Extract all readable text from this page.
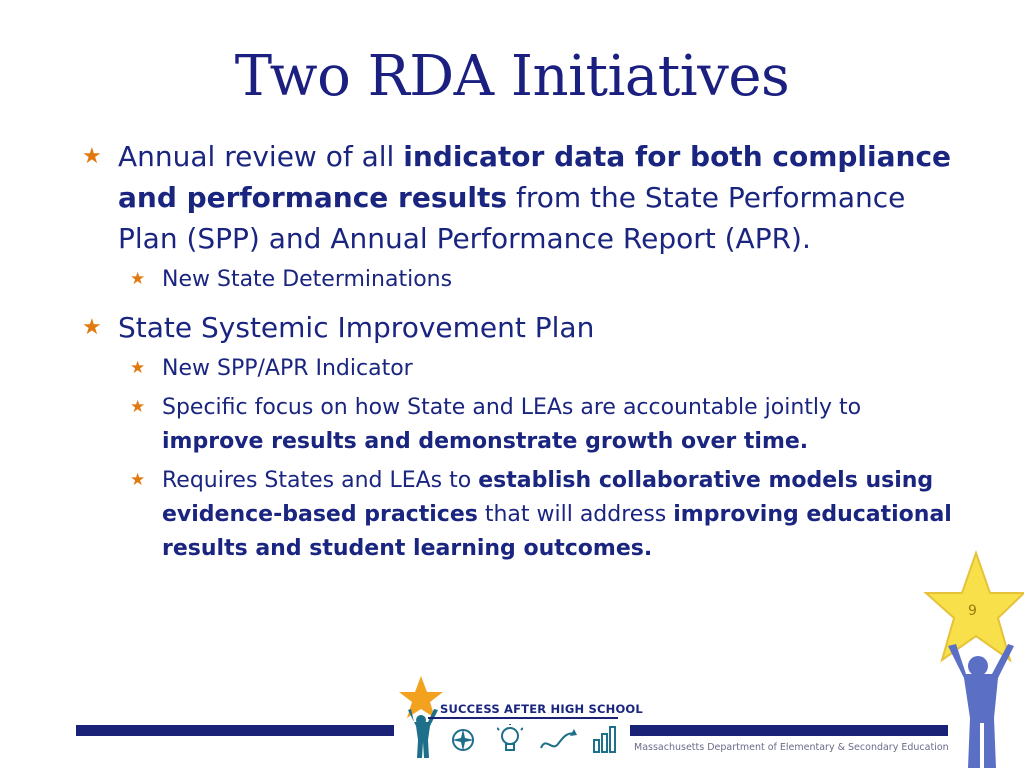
Two RDA Initiatives
★ Annual review of all indicator data for both compliance and performance results from the State Performance Plan (SPP) and Annual Performance Report (APR).
★ New State Determinations
★ State Systemic Improvement Plan
★ New SPP/APR Indicator
★ Specific focus on how State and LEAs are accountable jointly to improve results and demonstrate growth over time.
★ Requires States and LEAs to establish collaborative models using evidence-based practices that will address improving educational results and student learning outcomes.
9
SUCCESS AFTER HIGH SCHOOL
Massachusetts Department of Elementary & Secondary Education
